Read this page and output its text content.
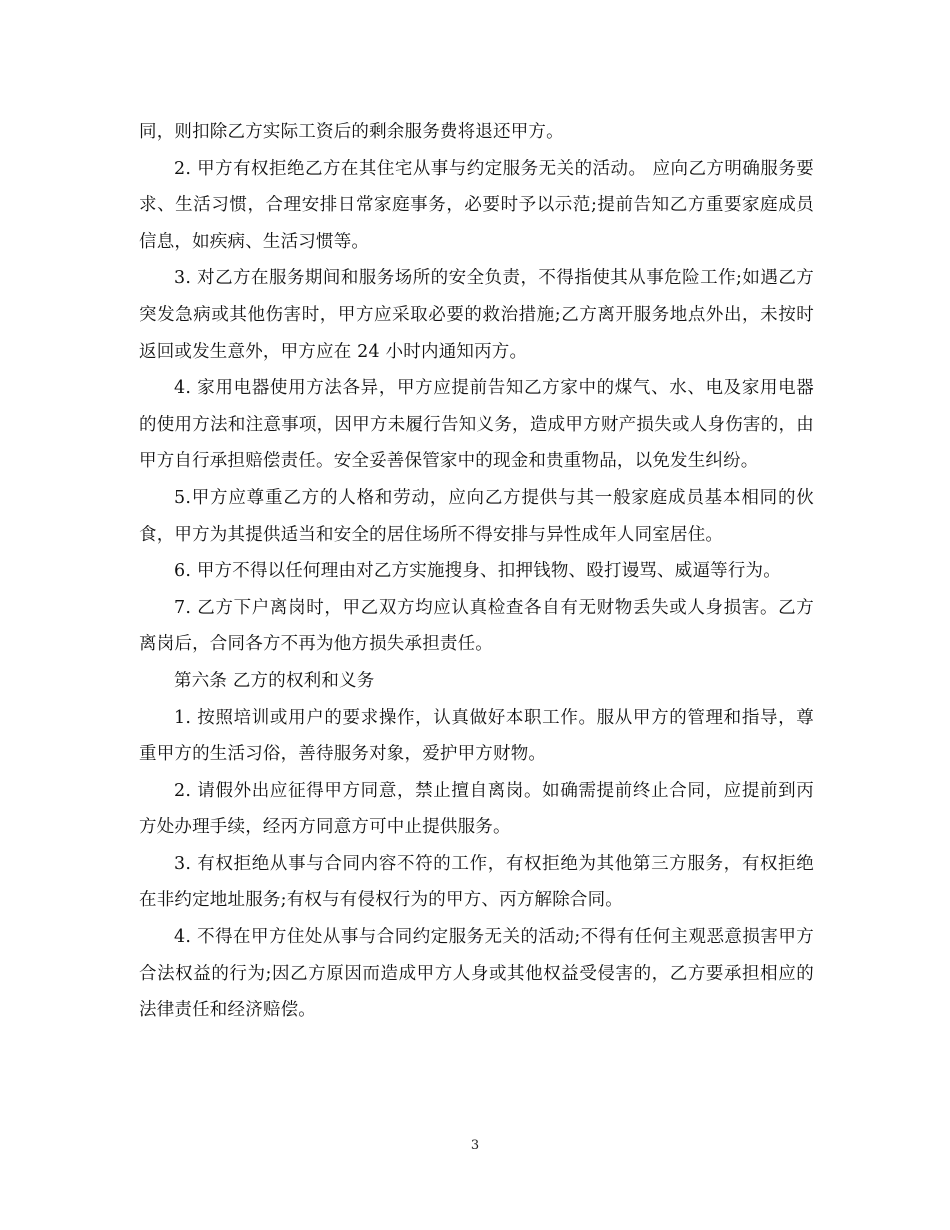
同，则扣除乙方实际工资后的剩余服务费将退还甲方。

2. 甲方有权拒绝乙方在其住宅从事与约定服务无关的活动。 应向乙方明确服务要求、生活习惯，合理安排日常家庭事务，必要时予以示范;提前告知乙方重要家庭成员信息，如疾病、生活习惯等。

3. 对乙方在服务期间和服务场所的安全负责，不得指使其从事危险工作;如遇乙方突发急病或其他伤害时，甲方应采取必要的救治措施;乙方离开服务地点外出，未按时返回或发生意外，甲方应在 24 小时内通知丙方。

4. 家用电器使用方法各异，甲方应提前告知乙方家中的煤气、水、电及家用电器的使用方法和注意事项，因甲方未履行告知义务，造成甲方财产损失或人身伤害的，由甲方自行承担赔偿责任。安全妥善保管家中的现金和贵重物品，以免发生纠纷。

5.甲方应尊重乙方的人格和劳动，应向乙方提供与其一般家庭成员基本相同的伙食，甲方为其提供适当和安全的居住场所不得安排与异性成年人同室居住。

6. 甲方不得以任何理由对乙方实施搜身、扣押钱物、殴打谩骂、威逼等行为。

7. 乙方下户离岗时，甲乙双方均应认真检查各自有无财物丢失或人身损害。乙方离岗后，合同各方不再为他方损失承担责任。

第六条 乙方的权利和义务

1. 按照培训或用户的要求操作，认真做好本职工作。服从甲方的管理和指导，尊重甲方的生活习俗，善待服务对象，爱护甲方财物。

2. 请假外出应征得甲方同意，禁止擅自离岗。如确需提前终止合同，应提前到丙方处办理手续，经丙方同意方可中止提供服务。

3. 有权拒绝从事与合同内容不符的工作，有权拒绝为其他第三方服务，有权拒绝在非约定地址服务;有权与有侵权行为的甲方、丙方解除合同。

4. 不得在甲方住处从事与合同约定服务无关的活动;不得有任何主观恶意损害甲方合法权益的行为;因乙方原因而造成甲方人身或其他权益受侵害的，乙方要承担相应的法律责任和经济赔偿。

3
